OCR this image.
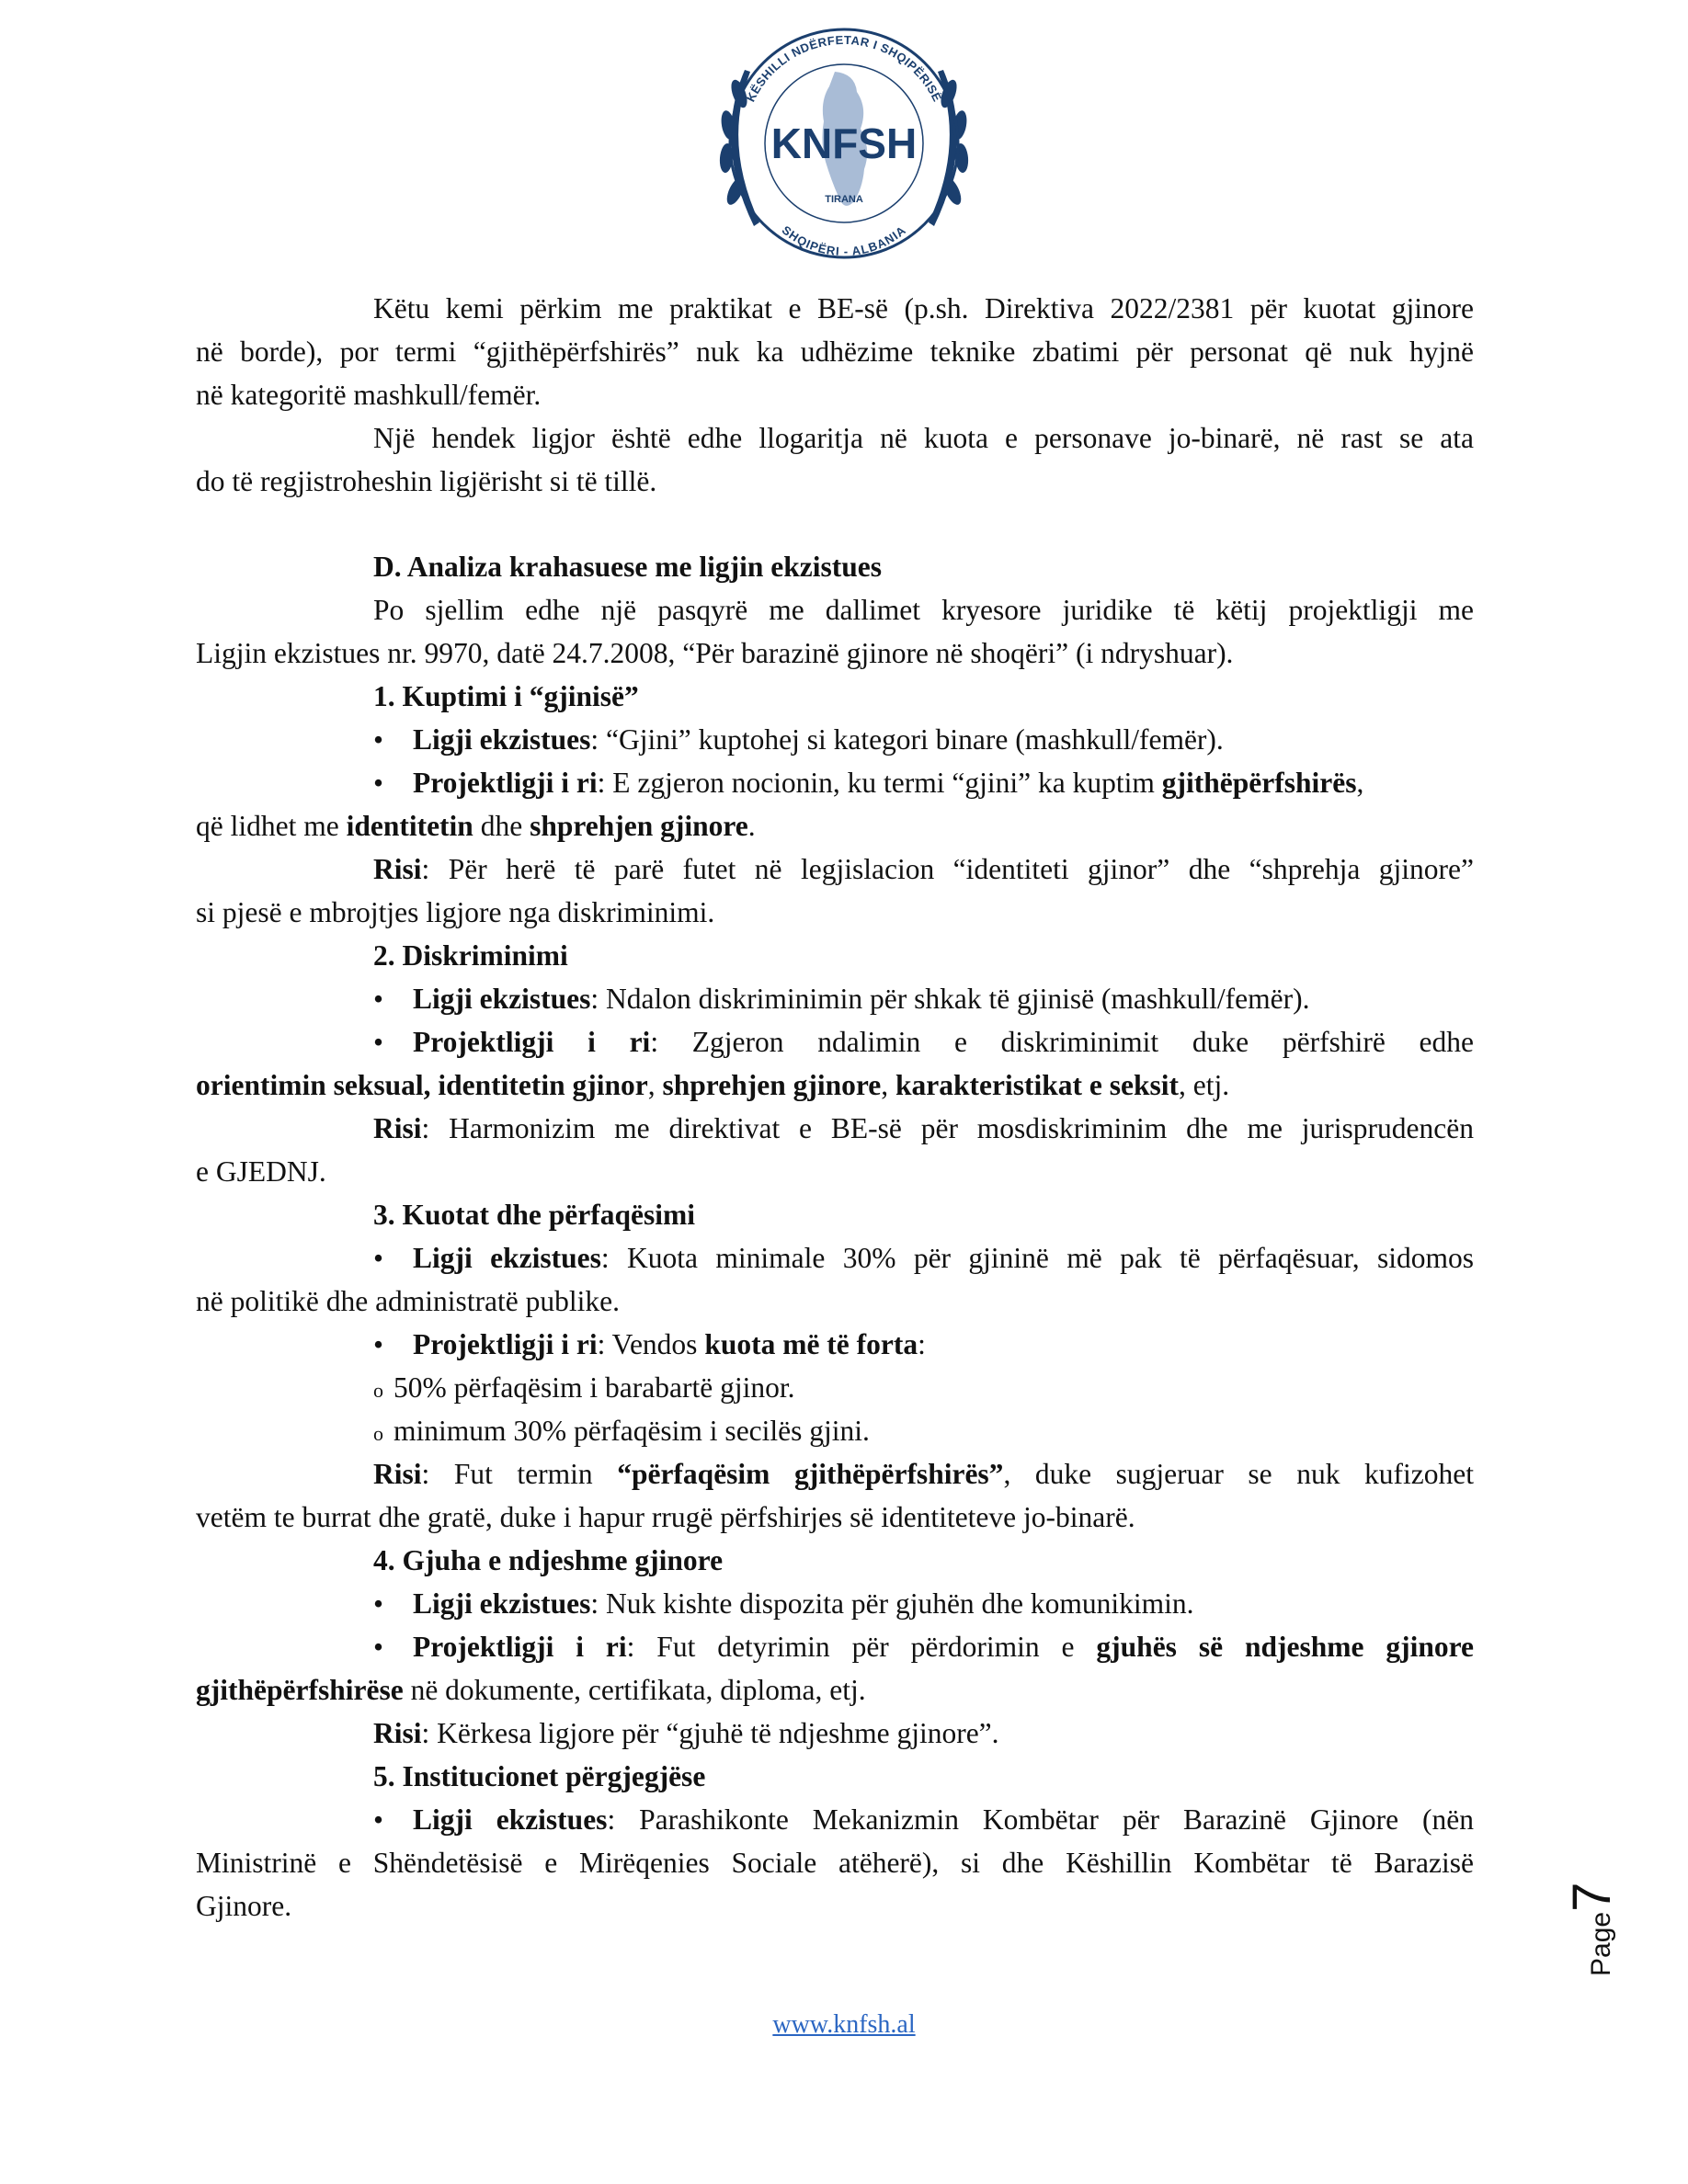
KNFSH
KËSHILLI NDËRFETAR I SHQIPËRISË
TIRANA
SHQIPËRI - ALBANIA
Këtu kemi përkim me praktikat e BE-së (p.sh. Direktiva 2022/2381 për kuotat gjinore
në borde), por termi “gjithëpërfshirës” nuk ka udhëzime teknike zbatimi për personat që nuk hyjnë
në kategoritë mashkull/femër.
Një hendek ligjor është edhe llogaritja në kuota e personave jo-binarë, në rast se ata
do të regjistroheshin ligjërisht si të tillë.
D. Analiza krahasuese me ligjin ekzistues
Po sjellim edhe një pasqyrë me dallimet kryesore juridike të këtij projektligji me
Ligjin ekzistues nr. 9970, datë 24.7.2008, “Për barazinë gjinore në shoqëri” (i ndryshuar).
1. Kuptimi i “gjinisë”
• Ligji ekzistues: “Gjini” kuptohej si kategori binare (mashkull/femër).
• Projektligji i ri: E zgjeron nocionin, ku termi “gjini” ka kuptim gjithëpërfshirës,
që lidhet me identitetin dhe shprehjen gjinore.
Risi: Për herë të parë futet në legjislacion “identiteti gjinor” dhe “shprehja gjinore”
si pjesë e mbrojtjes ligjore nga diskriminimi.
2. Diskriminimi
• Ligji ekzistues: Ndalon diskriminimin për shkak të gjinisë (mashkull/femër).
• Projektligji i ri: Zgjeron ndalimin e diskriminimit duke përfshirë edhe
orientimin seksual, identitetin gjinor, shprehjen gjinore, karakteristikat e seksit, etj.
Risi: Harmonizim me direktivat e BE-së për mosdiskriminim dhe me jurisprudencën
e GJEDNJ.
3. Kuotat dhe përfaqësimi
• Ligji ekzistues: Kuota minimale 30% për gjininë më pak të përfaqësuar, sidomos
në politikë dhe administratë publike.
• Projektligji i ri: Vendos kuota më të forta:
o 50% përfaqësim i barabartë gjinor.
o minimum 30% përfaqësim i secilës gjini.
Risi: Fut termin “përfaqësim gjithëpërfshirës”, duke sugjeruar se nuk kufizohet
vetëm te burrat dhe gratë, duke i hapur rrugë përfshirjes së identiteteve jo-binarë.
4. Gjuha e ndjeshme gjinore
• Ligji ekzistues: Nuk kishte dispozita për gjuhën dhe komunikimin.
• Projektligji i ri: Fut detyrimin për përdorimin e gjuhës së ndjeshme gjinore
gjithëpërfshirëse në dokumente, certifikata, diploma, etj.
Risi: Kërkesa ligjore për “gjuhë të ndjeshme gjinore”.
5. Institucionet përgjegjëse
• Ligji ekzistues: Parashikonte Mekanizmin Kombëtar për Barazinë Gjinore (nën
Ministrinë e Shëndetësisë e Mirëqenies Sociale atëherë), si dhe Këshillin Kombëtar të Barazisë
Gjinore.
www.knfsh.al
Page7
